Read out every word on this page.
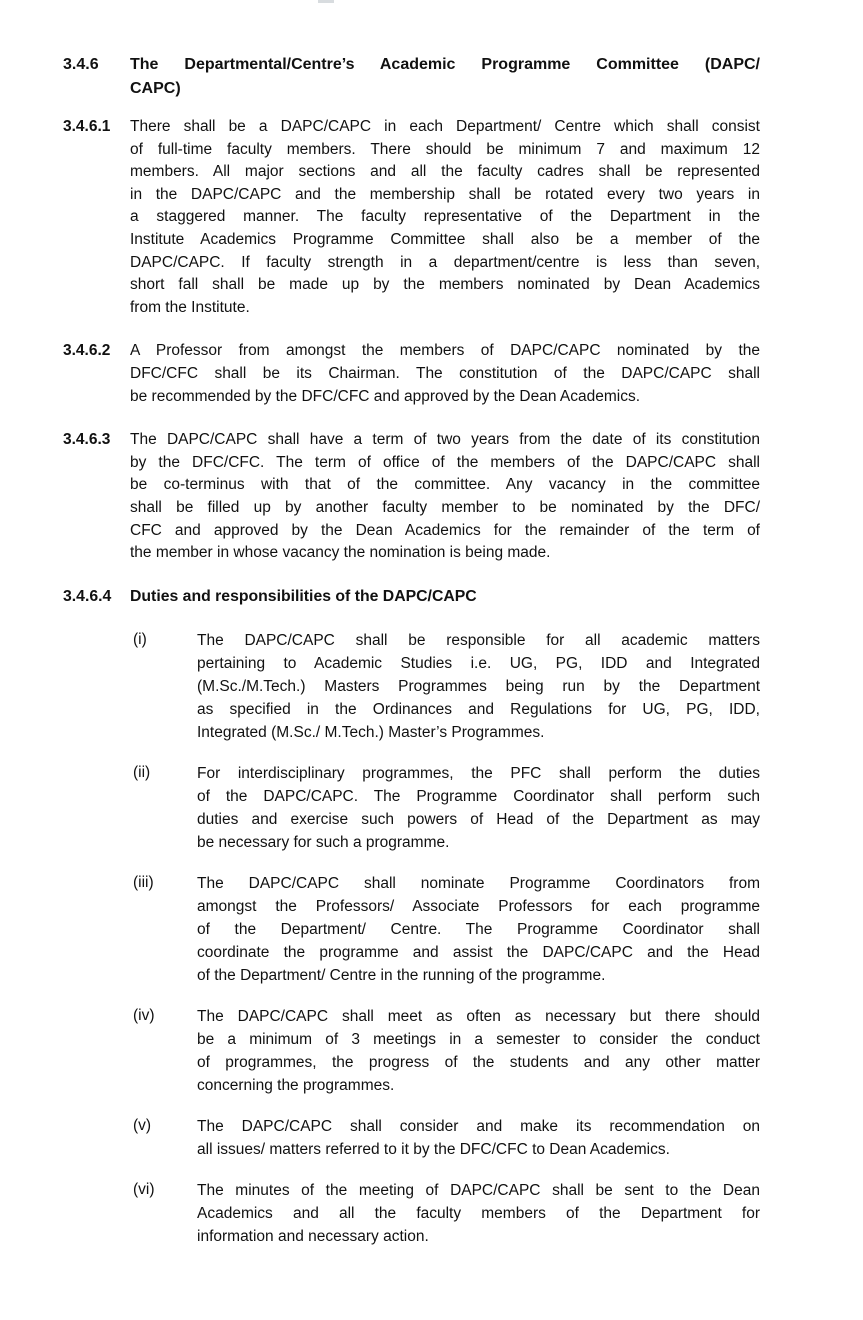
3.4.6	The Departmental/Centre’s Academic Programme Committee (DAPC/
CAPC)
3.4.6.1	There shall be a DAPC/CAPC in each Department/ Centre which shall consist
of full-time faculty members. There should be minimum 7 and maximum 12
members. All major sections and all the faculty cadres shall be represented
in the DAPC/CAPC and the membership shall be rotated every two years in
a staggered manner. The faculty representative of the Department in the
Institute Academics Programme Committee shall also be a member of the
DAPC/CAPC. If faculty strength in a department/centre is less than seven,
short fall shall be made up by the members nominated by Dean Academics
from the Institute.
3.4.6.2	A Professor from amongst the members of DAPC/CAPC nominated by the
DFC/CFC shall be its Chairman. The constitution of the DAPC/CAPC shall
be recommended by the DFC/CFC and approved by the Dean Academics.
3.4.6.3	The DAPC/CAPC shall have a term of two years from the date of its constitution
by the DFC/CFC. The term of office of the members of the DAPC/CAPC shall
be co-terminus with that of the committee. Any vacancy in the committee
shall be filled up by another faculty member to be nominated by the DFC/
CFC and approved by the Dean Academics for the remainder of the term of
the member in whose vacancy the nomination is being made.
3.4.6.4	Duties and responsibilities of the DAPC/CAPC
(i)	The DAPC/CAPC shall be responsible for all academic matters
pertaining to Academic Studies i.e. UG, PG, IDD and Integrated
(M.Sc./M.Tech.) Masters Programmes being run by the Department
as specified in the Ordinances and Regulations for UG, PG, IDD,
Integrated (M.Sc./ M.Tech.) Master’s Programmes.
(ii)	For interdisciplinary programmes, the PFC shall perform the duties
of the DAPC/CAPC. The Programme Coordinator shall perform such
duties and exercise such powers of Head of the Department as may
be necessary for such a programme.
(iii)	The DAPC/CAPC shall nominate Programme Coordinators from
amongst the Professors/ Associate Professors for each programme
of the Department/ Centre. The Programme Coordinator shall
coordinate the programme and assist the DAPC/CAPC and the Head
of the Department/ Centre in the running of the programme.
(iv)	The DAPC/CAPC shall meet as often as necessary but there should
be a minimum of 3 meetings in a semester to consider the conduct
of programmes, the progress of the students and any other matter
concerning the programmes.
(v)	The DAPC/CAPC shall consider and make its recommendation on
all issues/ matters referred to it by the DFC/CFC to Dean Academics.
(vi)	The minutes of the meeting of DAPC/CAPC shall be sent to the Dean
Academics and all the faculty members of the Department for
information and necessary action.
